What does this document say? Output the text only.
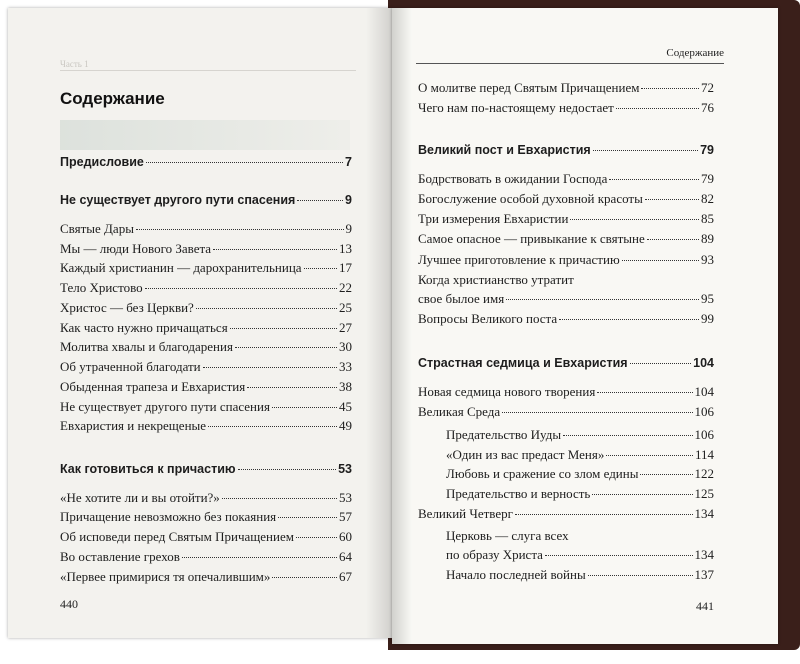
Часть 1
Содержание
Предисловие	7
Не существует другого пути спасения	9
Святые Дары	9
Мы — люди Нового Завета	13
Каждый христианин — дарохранительница	17
Тело Христово	22
Христос — без Церкви?	25
Как часто нужно причащаться	27
Молитва хвалы и благодарения	30
Об утраченной благодати	33
Обыденная трапеза и Евхаристия	38
Не существует другого пути спасения	45
Евхаристия и некрещеные	49
Как готовиться к причастию	53
«Не хотите ли и вы отойти?»	53
Причащение невозможно без покаяния	57
Об исповеди перед Святым Причащением	60
Во оставление грехов	64
«Первее примирися тя опечалившим»	67
440
Содержание
О молитве перед Святым Причащением	72
Чего нам по-настоящему недостает	76
Великий пост и Евхаристия	79
Бодрствовать в ожидании Господа	79
Богослужение особой духовной красоты	82
Три измерения Евхаристии	85
Самое опасное — привыкание к святыне	89
Лучшее приготовление к причастию	93
Когда христианство утратит
свое былое имя	95
Вопросы Великого поста	99
Страстная седмица и Евхаристия	104
Новая седмица нового творения	104
Великая Среда	106
Предательство Иуды	106
«Один из вас предаст Меня»	114
Любовь и сражение со злом едины	122
Предательство и верность	125
Великий Четверг	134
Церковь — слуга всех
по образу Христа	134
Начало последней войны	137
441
